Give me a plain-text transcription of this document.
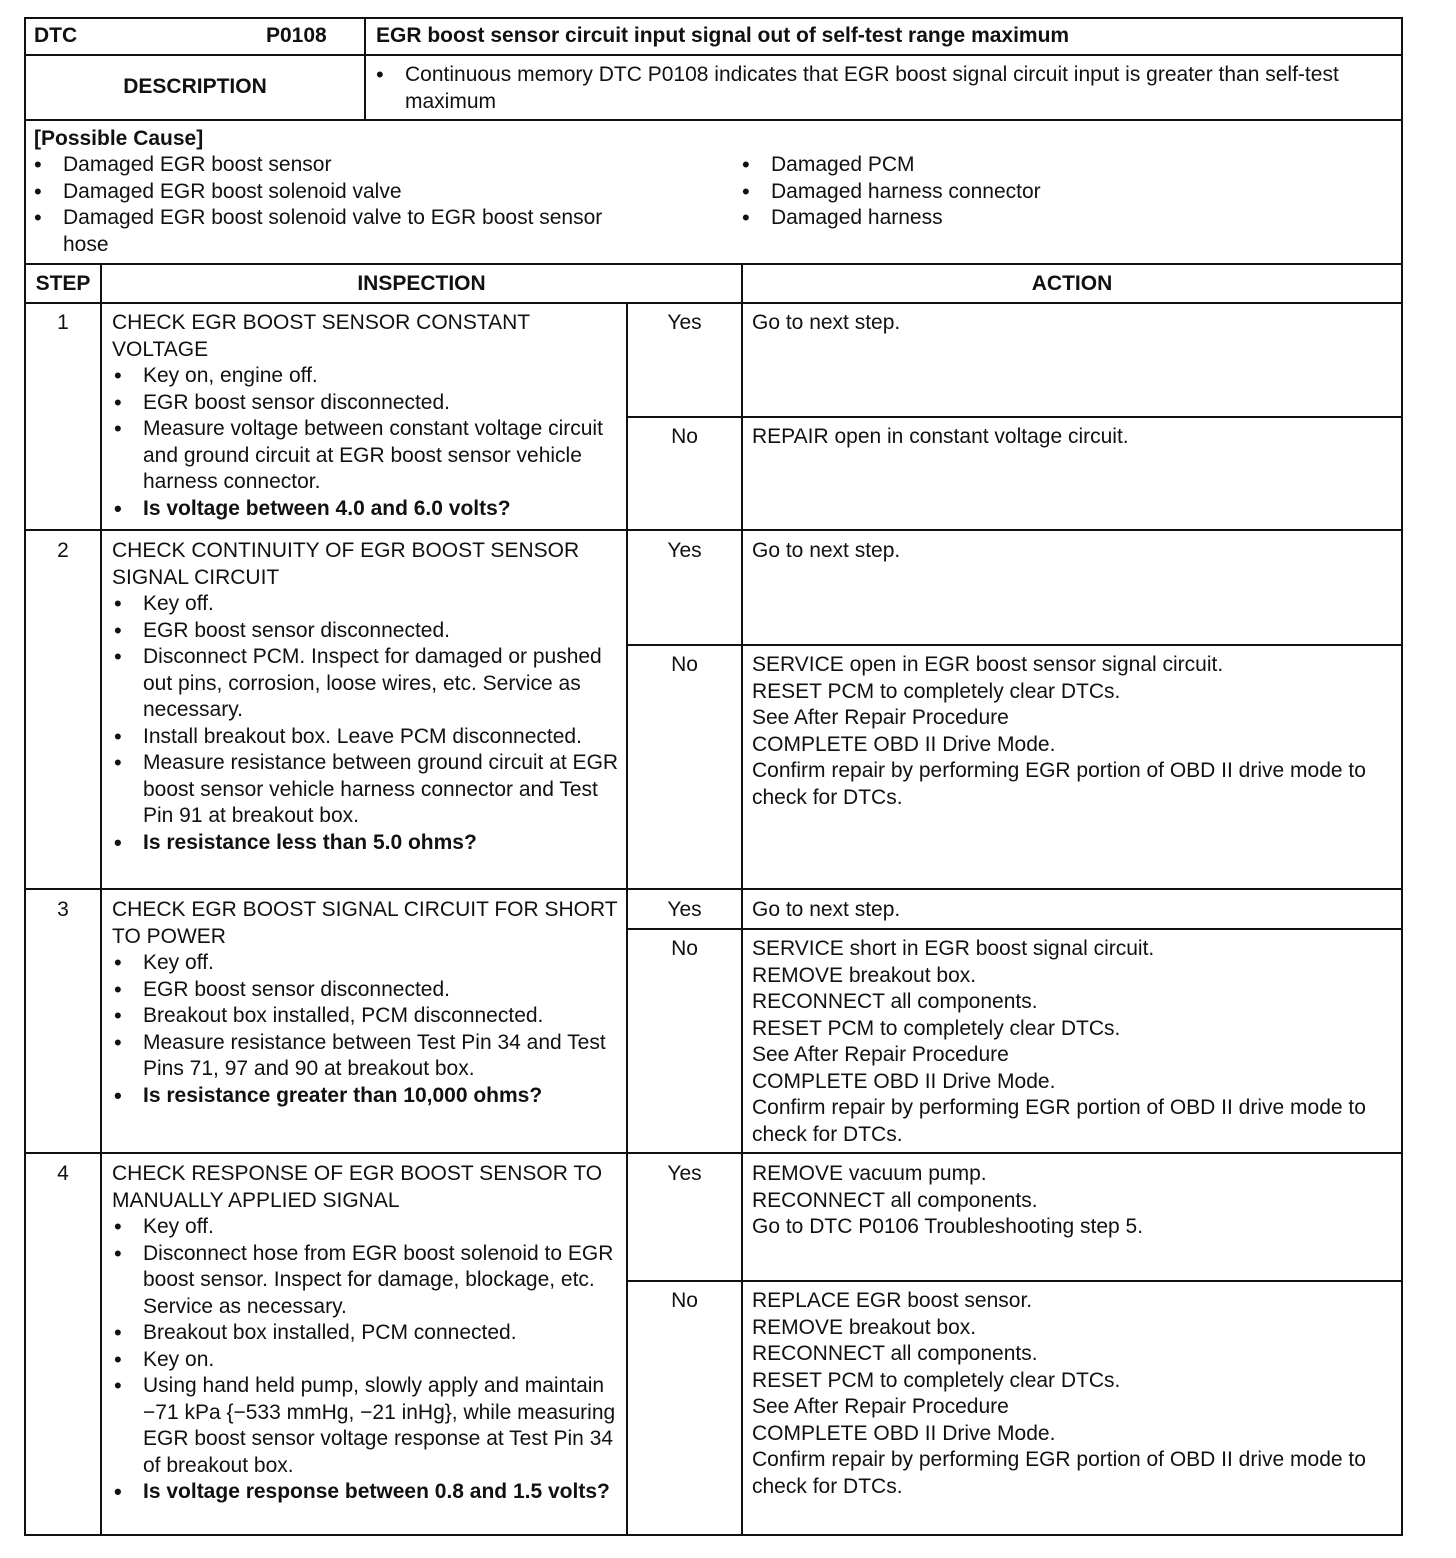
DTC	P0108 EGR boost sensor circuit input signal out of self-test range maximum
DESCRIPTION
• Continuous memory DTC P0108 indicates that EGR boost signal circuit input is greater than self-test maximum
[Possible Cause]
• Damaged EGR boost sensor
• Damaged EGR boost solenoid valve
• Damaged EGR boost solenoid valve to EGR boost sensor hose
• Damaged PCM
• Damaged harness connector
• Damaged harness
STEP	INSPECTION	ACTION
1	CHECK EGR BOOST SENSOR CONSTANT VOLTAGE
• Key on, engine off.
• EGR boost sensor disconnected.
• Measure voltage between constant voltage circuit and ground circuit at EGR boost sensor vehicle harness connector.
• Is voltage between 4.0 and 6.0 volts?
Yes	Go to next step.
No	REPAIR open in constant voltage circuit.
2	CHECK CONTINUITY OF EGR BOOST SENSOR SIGNAL CIRCUIT
• Key off.
• EGR boost sensor disconnected.
• Disconnect PCM. Inspect for damaged or pushed out pins, corrosion, loose wires, etc. Service as necessary.
• Install breakout box. Leave PCM disconnected.
• Measure resistance between ground circuit at EGR boost sensor vehicle harness connector and Test Pin 91 at breakout box.
• Is resistance less than 5.0 ohms?
Yes	Go to next step.
No	SERVICE open in EGR boost sensor signal circuit.
RESET PCM to completely clear DTCs.
See After Repair Procedure
COMPLETE OBD II Drive Mode.
Confirm repair by performing EGR portion of OBD II drive mode to check for DTCs.
3	CHECK EGR BOOST SIGNAL CIRCUIT FOR SHORT TO POWER
• Key off.
• EGR boost sensor disconnected.
• Breakout box installed, PCM disconnected.
• Measure resistance between Test Pin 34 and Test Pins 71, 97 and 90 at breakout box.
• Is resistance greater than 10,000 ohms?
Yes	Go to next step.
No	SERVICE short in EGR boost signal circuit.
REMOVE breakout box.
RECONNECT all components.
RESET PCM to completely clear DTCs.
See After Repair Procedure
COMPLETE OBD II Drive Mode.
Confirm repair by performing EGR portion of OBD II drive mode to check for DTCs.
4	CHECK RESPONSE OF EGR BOOST SENSOR TO MANUALLY APPLIED SIGNAL
• Key off.
• Disconnect hose from EGR boost solenoid to EGR boost sensor. Inspect for damage, blockage, etc. Service as necessary.
• Breakout box installed, PCM connected.
• Key on.
• Using hand held pump, slowly apply and maintain −71 kPa {−533 mmHg, −21 inHg}, while measuring EGR boost sensor voltage response at Test Pin 34 of breakout box.
• Is voltage response between 0.8 and 1.5 volts?
Yes	REMOVE vacuum pump.
RECONNECT all components.
Go to DTC P0106 Troubleshooting step 5.
No	REPLACE EGR boost sensor.
REMOVE breakout box.
RECONNECT all components.
RESET PCM to completely clear DTCs.
See After Repair Procedure
COMPLETE OBD II Drive Mode.
Confirm repair by performing EGR portion of OBD II drive mode to check for DTCs.
